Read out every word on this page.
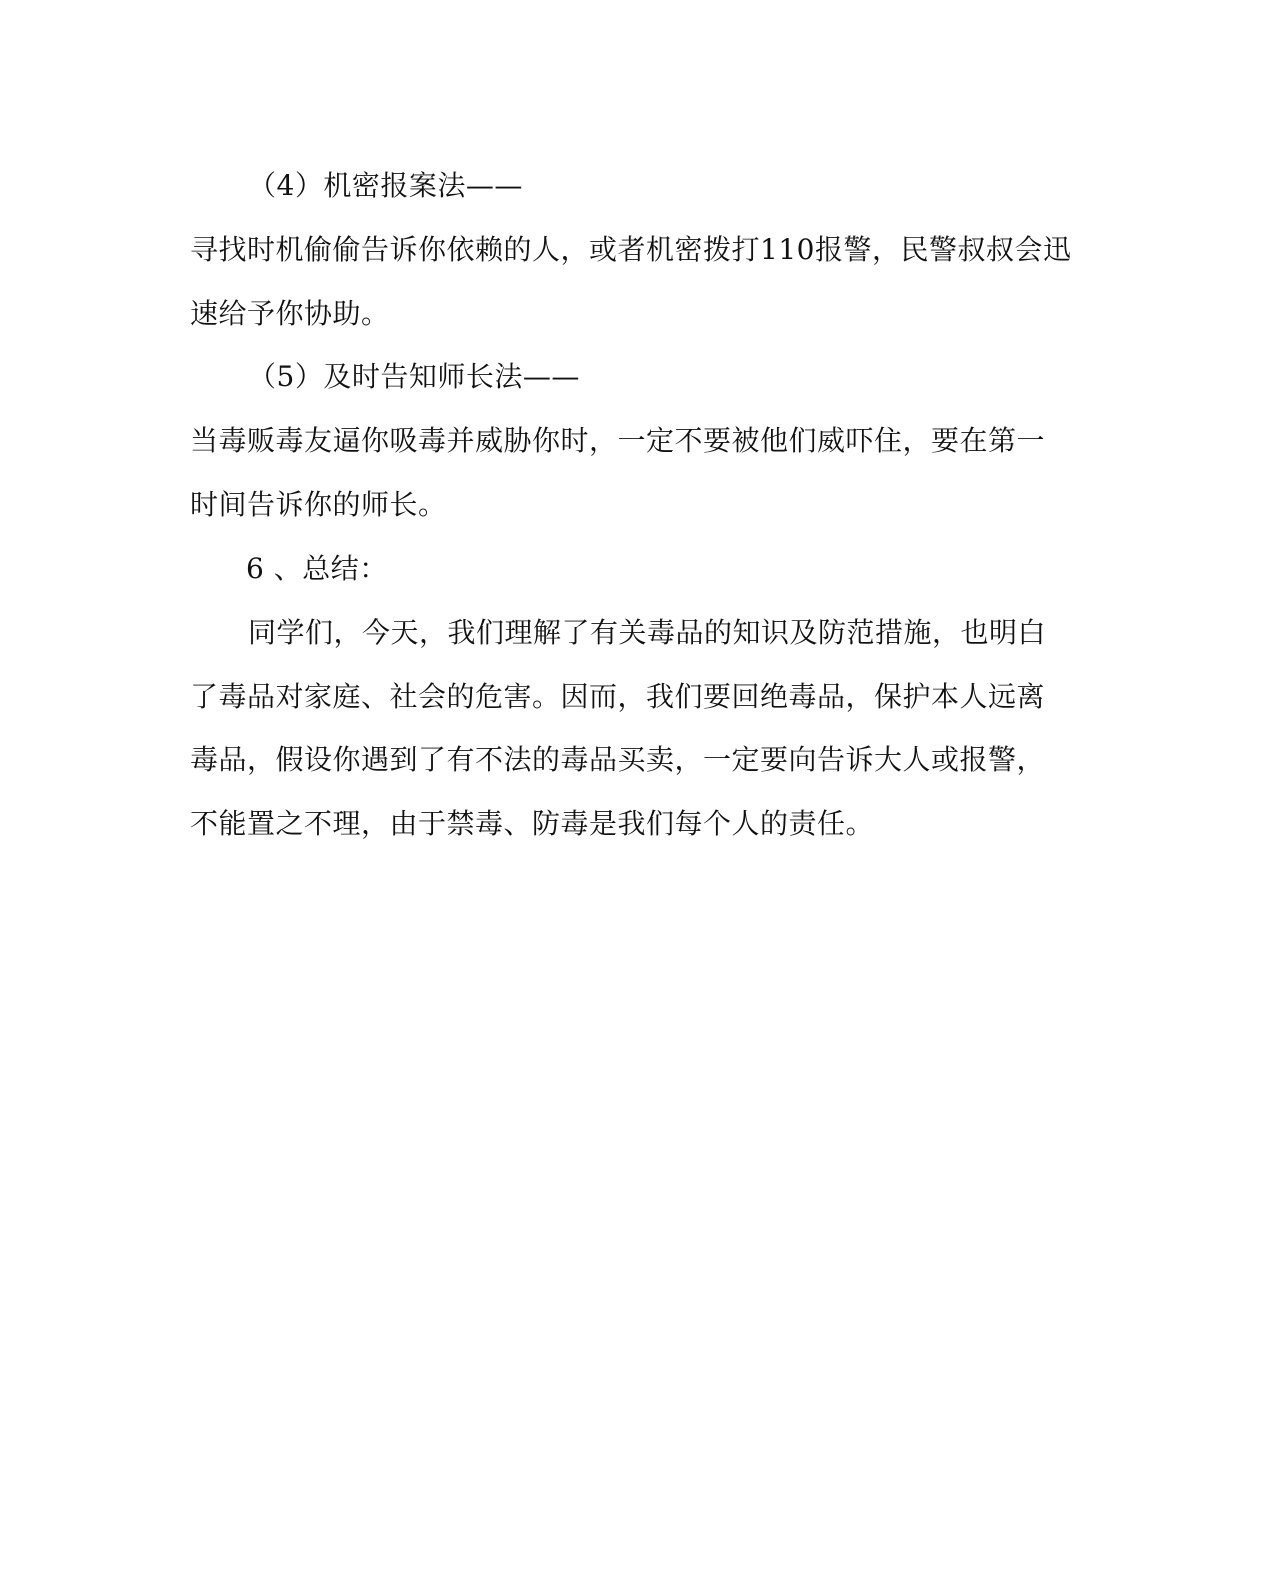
（4）机密报案法——
寻找时机偷偷告诉你依赖的人，或者机密拨打110报警，民警叔叔会迅
速给予你协助。
（5）及时告知师长法——
当毒贩毒友逼你吸毒并威胁你时，一定不要被他们威吓住，要在第一
时间告诉你的师长。
6 、总结：
同学们，今天，我们理解了有关毒品的知识及防范措施，也明白
了毒品对家庭、社会的危害。因而，我们要回绝毒品，保护本人远离
毒品，假设你遇到了有不法的毒品买卖，一定要向告诉大人或报警，
不能置之不理，由于禁毒、防毒是我们每个人的责任。
